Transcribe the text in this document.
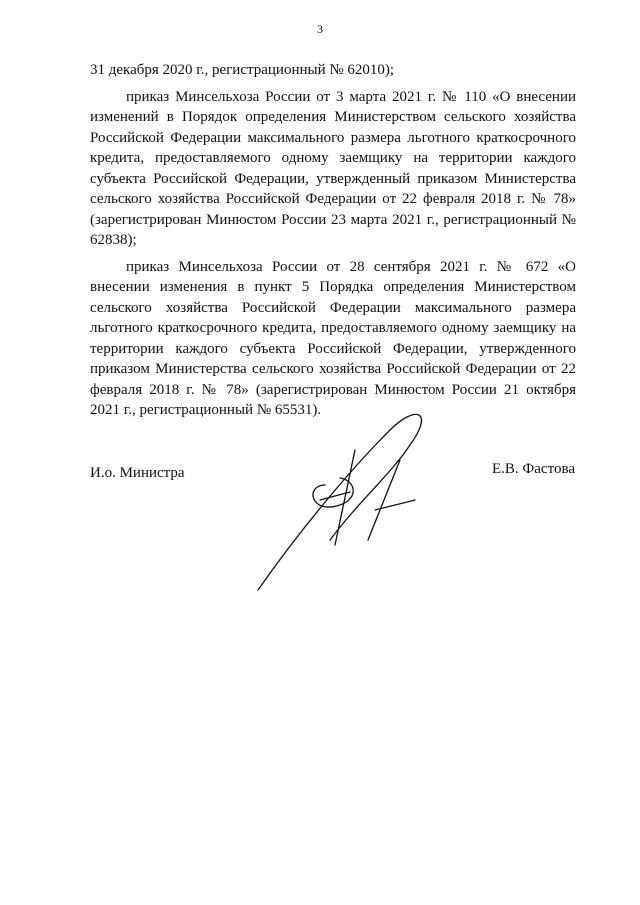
3

31 декабря 2020 г., регистрационный № 62010);

приказ Минсельхоза России от 3 марта 2021 г. № 110 «О внесении изменений в Порядок определения Министерством сельского хозяйства Российской Федерации максимального размера льготного краткосрочного кредита, предоставляемого одному заемщику на территории каждого субъекта Российской Федерации, утвержденный приказом Министерства сельского хозяйства Российской Федерации от 22 февраля 2018 г. № 78» (зарегистрирован Минюстом России 23 марта 2021 г., регистрационный № 62838);

приказ Минсельхоза России от 28 сентября 2021 г. № 672 «О внесении изменения в пункт 5 Порядка определения Министерством сельского хозяйства Российской Федерации максимального размера льготного краткосрочного кредита, предоставляемого одному заемщику на территории каждого субъекта Российской Федерации, утвержденного приказом Министерства сельского хозяйства Российской Федерации от 22 февраля 2018 г. № 78» (зарегистрирован Минюстом России 21 октября 2021 г., регистрационный № 65531).

И.о. Министра	Е.В. Фастова
